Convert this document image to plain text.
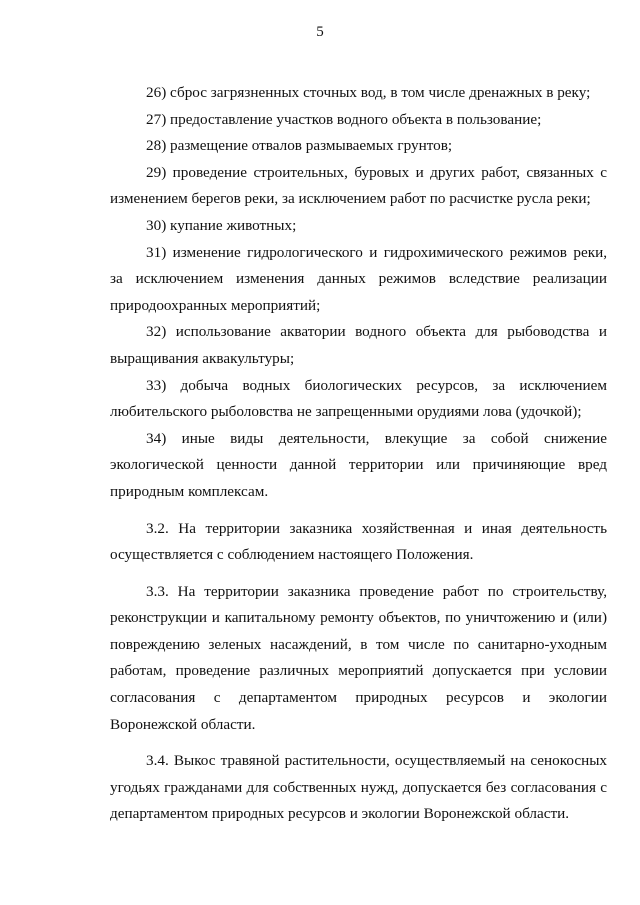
5

26) сброс загрязненных сточных вод, в том числе дренажных в реку;

27) предоставление участков водного объекта в пользование;

28) размещение отвалов размываемых грунтов;

29) проведение строительных, буровых и других работ, связанных с изменением берегов реки, за исключением работ по расчистке русла реки;

30) купание животных;

31) изменение гидрологического и гидрохимического режимов реки, за исключением изменения данных режимов вследствие реализации природоохранных мероприятий;

32) использование акватории водного объекта для рыбоводства и выращивания аквакультуры;

33) добыча водных биологических ресурсов, за исключением любительского рыболовства не запрещенными орудиями лова (удочкой);

34) иные виды деятельности, влекущие за собой снижение экологической ценности данной территории или причиняющие вред природным комплексам.

3.2. На территории заказника хозяйственная и иная деятельность осуществляется с соблюдением настоящего Положения.

3.3. На территории заказника проведение работ по строительству, реконструкции и капитальному ремонту объектов, по уничтожению и (или) повреждению зеленых насаждений, в том числе по санитарно-уходным работам, проведение различных мероприятий допускается при условии согласования с департаментом природных ресурсов и экологии Воронежской области.

3.4. Выкос травяной растительности, осуществляемый на сенокосных угодьях гражданами для собственных нужд, допускается без согласования с департаментом природных ресурсов и экологии Воронежской области.
